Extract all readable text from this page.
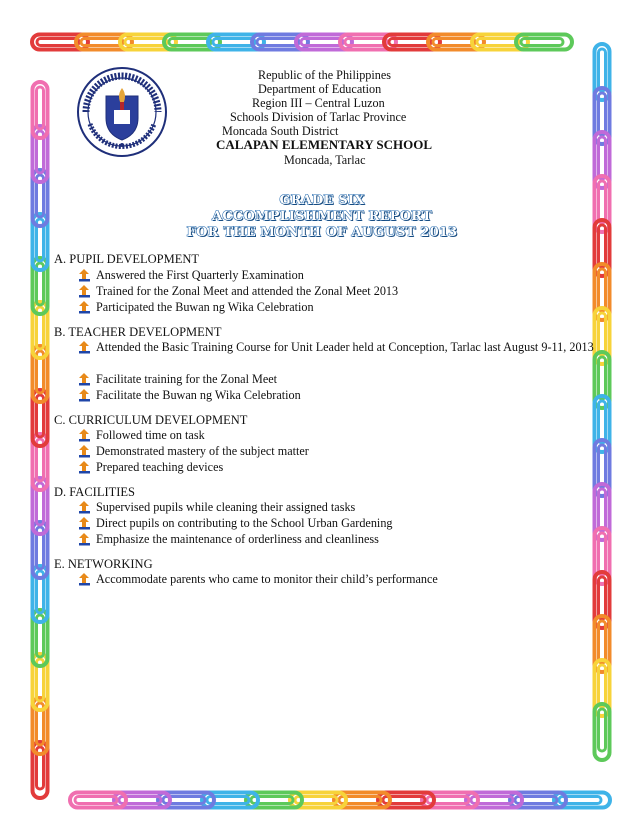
Republic of the Philippines
Department of Education
Region III – Central Luzon
Schools Division of Tarlac Province
Moncada South District
CALAPAN ELEMENTARY SCHOOL
Moncada, Tarlac
GRADE SIX
ACCOMPLISHMENT REPORT
FOR THE MONTH OF AUGUST 2013
A. PUPIL DEVELOPMENT
Answered the First Quarterly Examination
Trained for the Zonal Meet and attended the Zonal Meet 2013
Participated the Buwan ng Wika Celebration
B. TEACHER DEVELOPMENT
Attended the Basic Training Course for Unit Leader held at Conception, Tarlac last August 9-11, 2013
Facilitate training for the Zonal Meet
Facilitate the Buwan ng Wika Celebration
C. CURRICULUM DEVELOPMENT
Followed time on task
Demonstrated mastery of the subject matter
Prepared teaching devices
D. FACILITIES
Supervised pupils while cleaning their assigned tasks
Direct pupils on contributing to the School Urban Gardening
Emphasize the maintenance of orderliness and cleanliness
E. NETWORKING
Accommodate parents who came to monitor their child’s performance
